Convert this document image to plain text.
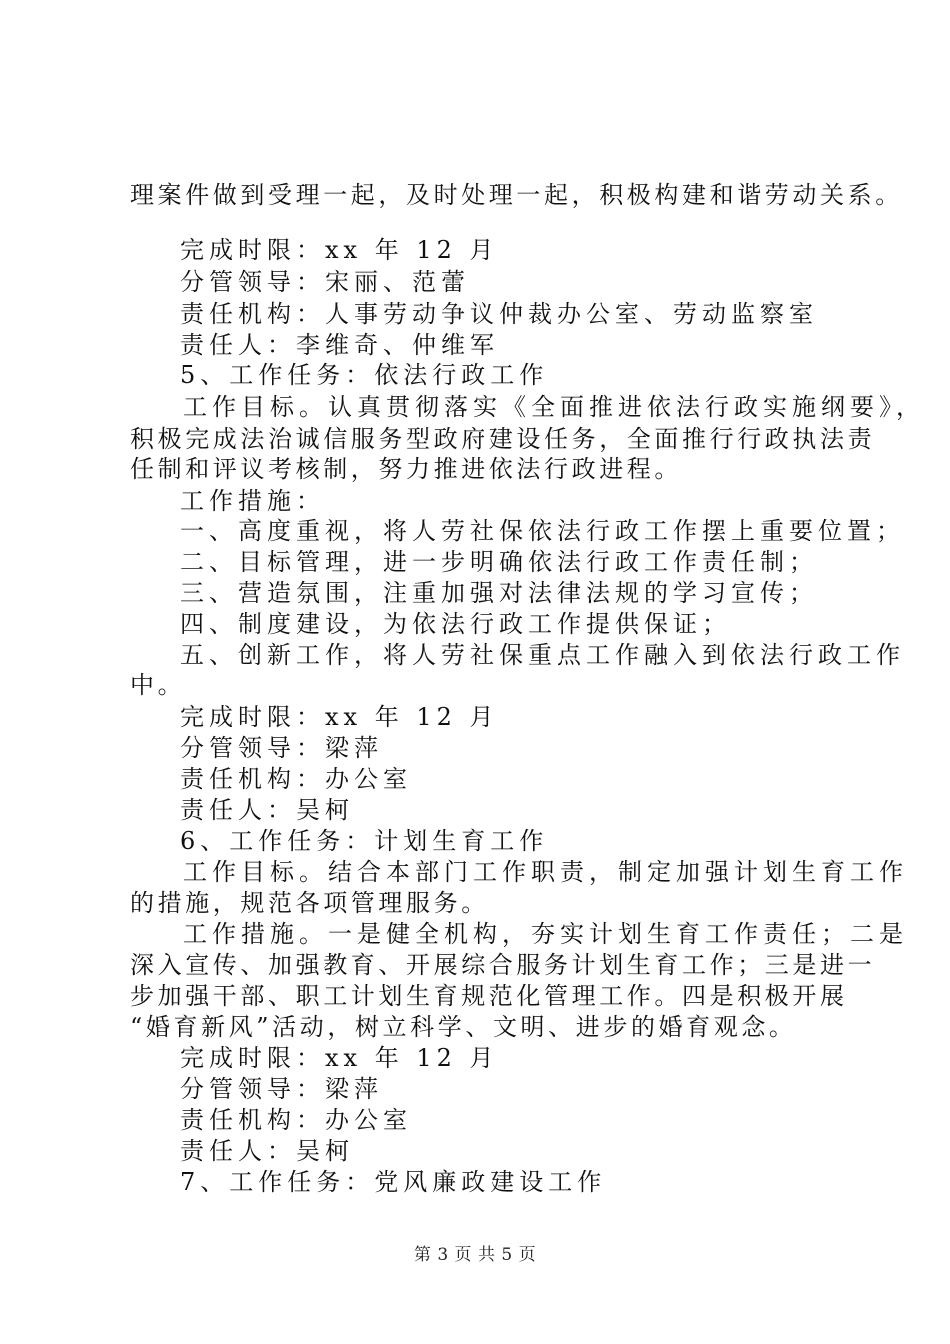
理案件做到受理一起，及时处理一起，积极构建和谐劳动关系。
完成时限：xx 年 12 月
分管领导：宋丽、范蕾
责任机构：人事劳动争议仲裁办公室、劳动监察室
责任人：李维奇、仲维军
5、工作任务：依法行政工作
工作目标。认真贯彻落实《全面推进依法行政实施纲要》，
积极完成法治诚信服务型政府建设任务，全面推行行政执法责
任制和评议考核制，努力推进依法行政进程。
工作措施：
一、高度重视，将人劳社保依法行政工作摆上重要位置；
二、目标管理，进一步明确依法行政工作责任制；
三、营造氛围，注重加强对法律法规的学习宣传；
四、制度建设，为依法行政工作提供保证；
五、创新工作，将人劳社保重点工作融入到依法行政工作
中。
完成时限：xx 年 12 月
分管领导：梁萍
责任机构：办公室
责任人：吴柯
6、工作任务：计划生育工作
工作目标。结合本部门工作职责，制定加强计划生育工作
的措施，规范各项管理服务。
工作措施。一是健全机构，夯实计划生育工作责任；二是
深入宣传、加强教育、开展综合服务计划生育工作；三是进一
步加强干部、职工计划生育规范化管理工作。四是积极开展
“婚育新风”活动，树立科学、文明、进步的婚育观念。
完成时限：xx 年 12 月
分管领导：梁萍
责任机构：办公室
责任人：吴柯
7、工作任务：党风廉政建设工作
第 3 页 共 5 页
